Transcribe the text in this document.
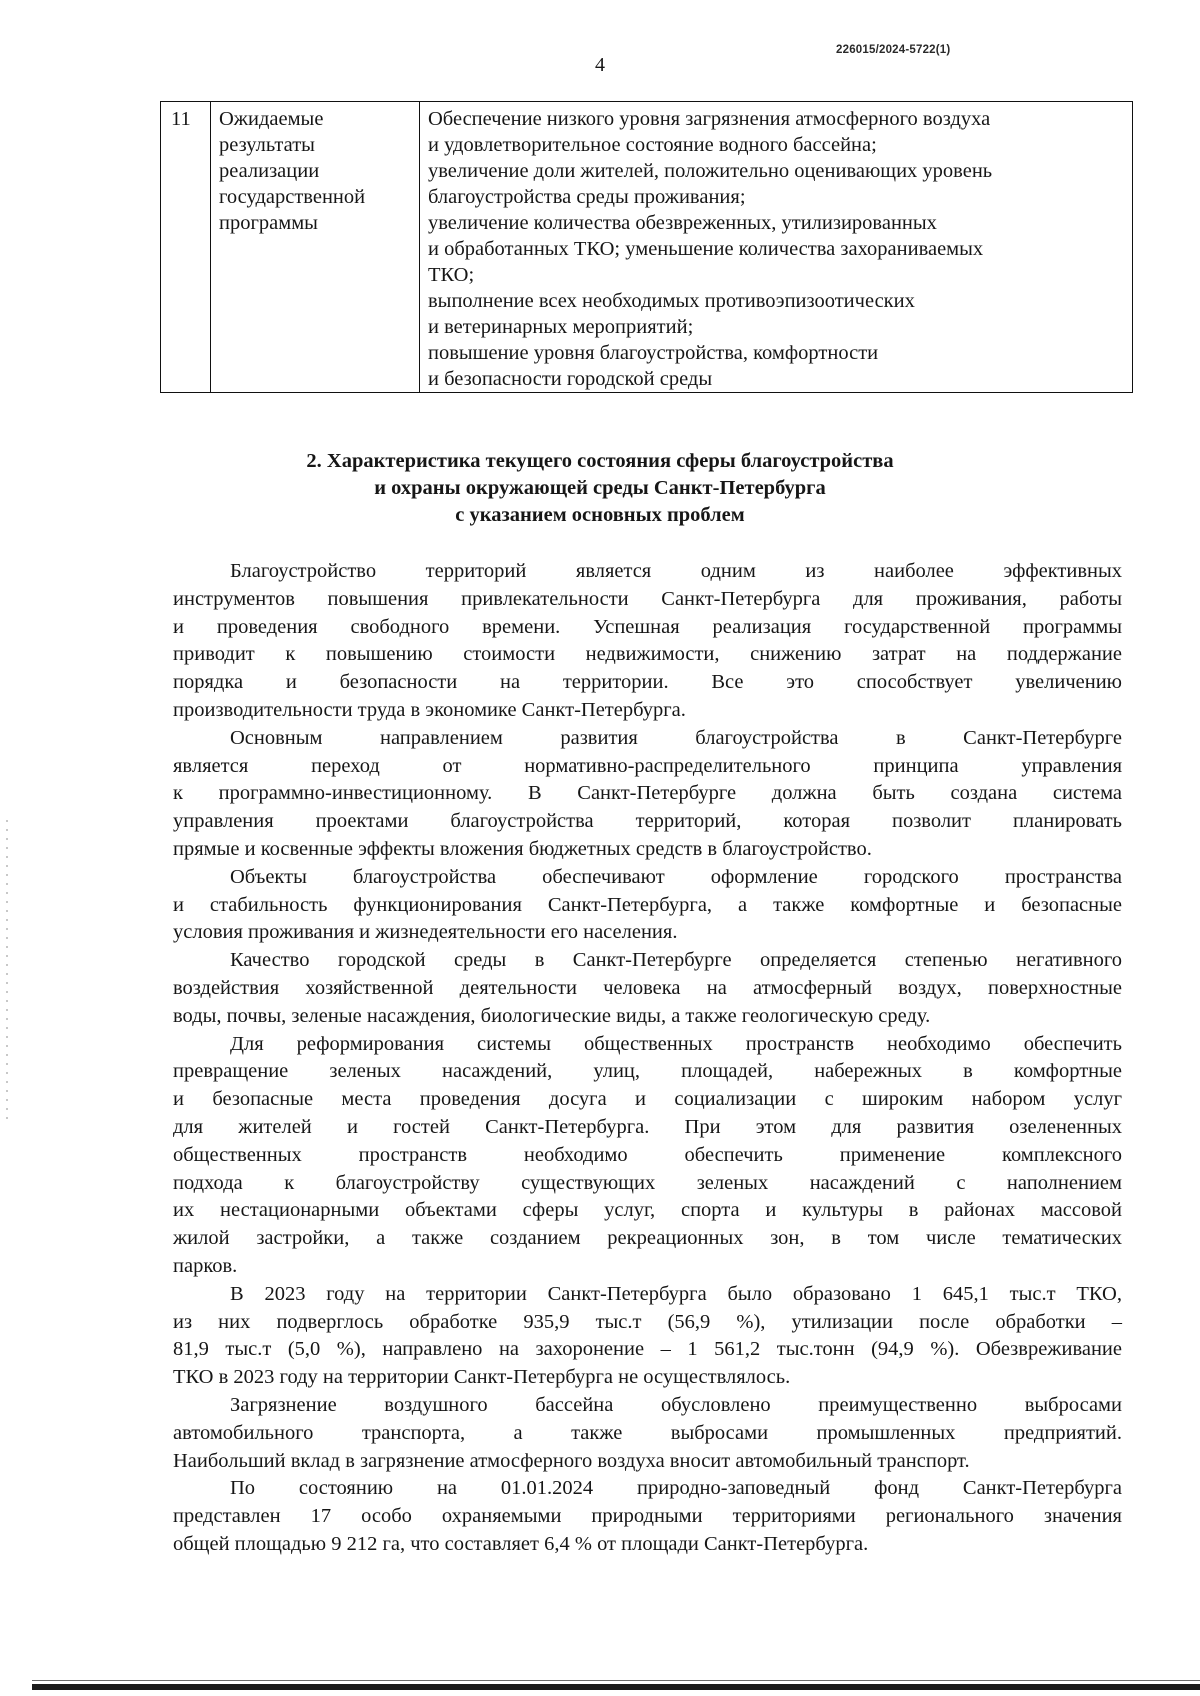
226015/2024-5722(1)
4
11	Ожидаемые
результаты
реализации
государственной
программы

Обеспечение низкого уровня загрязнения атмосферного воздуха
и удовлетворительное состояние водного бассейна;
увеличение доли жителей, положительно оценивающих уровень
благоустройства среды проживания;
увеличение количества обезвреженных, утилизированных
и обработанных ТКО; уменьшение количества захораниваемых
ТКО;
выполнение всех необходимых противоэпизоотических
и ветеринарных мероприятий;
повышение уровня благоустройства, комфортности
и безопасности городской среды
2. Характеристика текущего состояния сферы благоустройства
и охраны окружающей среды Санкт-Петербурга
с указанием основных проблем
Благоустройство территорий является одним из наиболее эффективных
инструментов повышения привлекательности Санкт-Петербурга для проживания, работы
и проведения свободного времени. Успешная реализация государственной программы
приводит к повышению стоимости недвижимости, снижению затрат на поддержание
порядка и безопасности на территории. Все это способствует увеличению
производительности труда в экономике Санкт-Петербурга.
Основным направлением развития благоустройства в Санкт-Петербурге
является переход от нормативно-распределительного принципа управления
к программно-инвестиционному. В Санкт-Петербурге должна быть создана система
управления проектами благоустройства территорий, которая позволит планировать
прямые и косвенные эффекты вложения бюджетных средств в благоустройство.
Объекты благоустройства обеспечивают оформление городского пространства
и стабильность функционирования Санкт-Петербурга, а также комфортные и безопасные
условия проживания и жизнедеятельности его населения.
Качество городской среды в Санкт-Петербурге определяется степенью негативного
воздействия хозяйственной деятельности человека на атмосферный воздух, поверхностные
воды, почвы, зеленые насаждения, биологические виды, а также геологическую среду.
Для реформирования системы общественных пространств необходимо обеспечить
превращение зеленых насаждений, улиц, площадей, набережных в комфортные
и безопасные места проведения досуга и социализации с широким набором услуг
для жителей и гостей Санкт-Петербурга. При этом для развития озелененных
общественных пространств необходимо обеспечить применение комплексного
подхода к благоустройству существующих зеленых насаждений с наполнением
их нестационарными объектами сферы услуг, спорта и культуры в районах массовой
жилой застройки, а также созданием рекреационных зон, в том числе тематических
парков.
В 2023 году на территории Санкт-Петербурга было образовано 1 645,1 тыс.т ТКО,
из них подверглось обработке 935,9 тыс.т (56,9 %), утилизации после обработки –
81,9 тыс.т (5,0 %), направлено на захоронение – 1 561,2 тыс.тонн (94,9 %). Обезвреживание
ТКО в 2023 году на территории Санкт-Петербурга не осуществлялось.
Загрязнение воздушного бассейна обусловлено преимущественно выбросами
автомобильного транспорта, а также выбросами промышленных предприятий.
Наибольший вклад в загрязнение атмосферного воздуха вносит автомобильный транспорт.
По состоянию на 01.01.2024 природно-заповедный фонд Санкт-Петербурга
представлен 17 особо охраняемыми природными территориями регионального значения
общей площадью 9 212 га, что составляет 6,4 % от площади Санкт-Петербурга.
